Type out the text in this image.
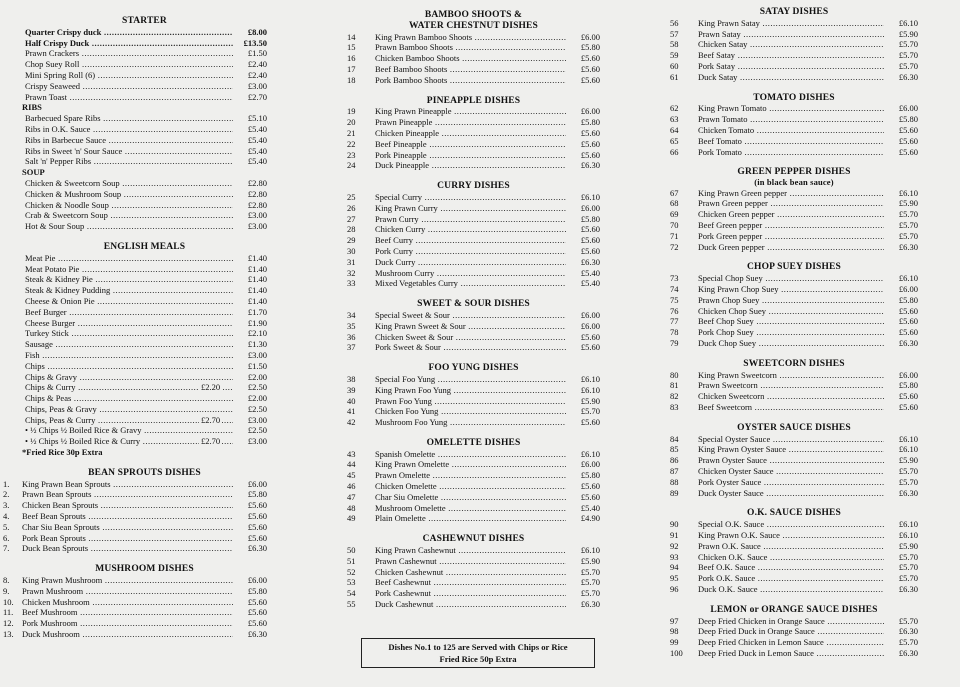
STARTER
Quarter Crispy duck .....	£8.00
Half Crispy Duck .....	£13.50
Prawn Crackers .....	£1.50
Chop Suey Roll .....	£2.40
Mini Spring Roll (6) .....	£2.40
Crispy Seaweed .....	£3.00
Prawn Toast .....	£2.70
RIBS
Barbecued Spare Ribs .....	£5.10
Ribs in O.K. Sauce .....	£5.40
Ribs in Barbecue Sauce .....	£5.40
Ribs in Sweet 'n' Sour Sauce .....	£5.40
Salt 'n' Pepper Ribs .....	£5.40
SOUP
Chicken & Sweetcorn Soup .....	£2.80
Chicken & Mushroom Soup .....	£2.80
Chicken & Noodle Soup .....	£2.80
Crab & Sweetcorn Soup .....	£3.00
Hot & Sour Soup .....	£3.00
ENGLISH MEALS
Meat Pie .....	£1.40
Meat Potato Pie .....	£1.40
Steak & Kidney Pie .....	£1.40
Steak & Kidney Pudding .....	£1.40
Cheese & Onion Pie .....	£1.40
Beef Burger .....	£1.70
Cheese Burger .....	£1.90
Turkey Stick .....	£2.10
Sausage .....	£1.30
Fish .....	£3.00
Chips .....	£1.50
Chips & Gravy .....	£2.00
Chips & Curry .....	£2.20	£2.50
Chips & Peas .....	£2.00
Chips, Peas & Gravy .....	£2.50
Chips, Peas & Curry .....	£2.70	£3.00
• ½ Chips ½ Boiled Rice & Gravy .....	£2.50
• ½ Chips ½ Boiled Rice & Curry .....	£2.70	£3.00
*Fried Rice 30p Extra
BEAN SPROUTS DISHES
1.	King Prawn Bean Sprouts .....	£6.00
2.	Prawn Bean Sprouts .....	£5.80
3.	Chicken Bean Sprouts .....	£5.60
4.	Beef Bean Sprouts .....	£5.60
5.	Char Siu Bean Sprouts .....	£5.60
6.	Pork Bean Sprouts .....	£5.60
7.	Duck Bean Sprouts .....	£6.30
MUSHROOM DISHES
8.	King Prawn Mushroom .....	£6.00
9.	Prawn Mushroom .....	£5.80
10. Chicken Mushroom .....	£5.60
11.	Beef Mushroom .....	£5.60
12. Pork Mushroom .....	£5.60
13. Duck Mushroom .....	£6.30
BAMBOO SHOOTS &
WATER CHESTNUT DISHES
14	King Prawn Bamboo Shoots .....	£6.00
15	Prawn Bamboo Shoots .....	£5.80
16	Chicken Bamboo Shoots .....	£5.60
17	Beef Bamboo Shoots .....	£5.60
18	Pork Bamboo Shoots .....	£5.60
PINEAPPLE DISHES
19	King Prawn Pineapple .....	£6.00
20	Prawn Pineapple .....	£5.80
21	Chicken Pineapple .....	£5.60
22	Beef Pineapple .....	£5.60
23	Pork Pineapple .....	£5.60
24	Duck Pineapple .....	£6.30
CURRY DISHES
25	Special Curry .....	£6.10
26	King Prawn Curry .....	£6.00
27	Prawn Curry .....	£5.80
28	Chicken Curry .....	£5.60
29	Beef Curry .....	£5.60
30	Pork Curry .....	£5.60
31	Duck Curry .....	£6.30
32	Mushroom Curry .....	£5.40
33	Mixed Vegetables Curry .....	£5.40
SWEET & SOUR DISHES
34	Special Sweet & Sour .....	£6.00
35	King Prawn Sweet & Sour .....	£6.00
36	Chicken Sweet & Sour .....	£5.60
37	Pork Sweet & Sour .....	£5.60
FOO YUNG DISHES
38	Special Foo Yung .....	£6.10
39	King Prawn Foo Yung .....	£6.10
40	Prawn Foo Yung .....	£5.90
41	Chicken Foo Yung .....	£5.70
42	Mushroom Foo Yung .....	£5.60
OMELETTE DISHES
43	Spanish Omelette .....	£6.10
44	King Prawn Omelette .....	£6.00
45	Prawn Omelette .....	£5.80
46	Chicken Omelette .....	£5.60
47	Char Siu Omelette .....	£5.60
48	Mushroom Omelette .....	£5.40
49	Plain Omelette .....	£4.90
CASHEWNUT DISHES
50	King Prawn Cashewnut .....	£6.10
51	Prawn Cashewnut .....	£5.90
52	Chicken Cashewnut .....	£5.70
53	Beef Cashewnut .....	£5.70
54	Pork Cashewnut .....	£5.70
55	Duck Cashewnut .....	£6.30
SATAY DISHES
56	King Prawn Satay .....	£6.10
57	Prawn Satay .....	£5.90
58	Chicken Satay .....	£5.70
59	Beef Satay .....	£5.70
60	Pork Satay .....	£5.70
61	Duck Satay .....	£6.30
TOMATO DISHES
62	King Prawn Tomato .....	£6.00
63	Prawn Tomato .....	£5.80
64	Chicken Tomato .....	£5.60
65	Beef Tomato .....	£5.60
66	Pork Tomato .....	£5.60
GREEN PEPPER DISHES
(in black bean sauce)
67	King Prawn Green pepper .....	£6.10
68	Prawn Green pepper .....	£5.90
69	Chicken Green pepper .....	£5.70
70	Beef Green pepper .....	£5.70
71	Pork Green pepper .....	£5.70
72	Duck Green pepper .....	£6.30
CHOP SUEY DISHES
73	Special Chop Suey .....	£6.10
74	King Prawn Chop Suey .....	£6.00
75	Prawn Chop Suey .....	£5.80
76	Chicken Chop Suey .....	£5.60
77	Beef Chop Suey .....	£5.60
78	Pork Chop Suey .....	£5.60
79	Duck Chop Suey .....	£6.30
SWEETCORN DISHES
80	King Prawn Sweetcorn .....	£6.00
81	Prawn Sweetcorn .....	£5.80
82	Chicken Sweetcorn .....	£5.60
83	Beef Sweetcorn .....	£5.60
OYSTER SAUCE DISHES
84	Special Oyster Sauce .....	£6.10
85	King Prawn Oyster Sauce .....	£6.10
86	Prawn Oyster Sauce .....	£5.90
87	Chicken Oyster Sauce .....	£5.70
88	Pork Oyster Sauce .....	£5.70
89	Duck Oyster Sauce .....	£6.30
O.K. SAUCE DISHES
90	Special O.K. Sauce .....	£6.10
91	King Prawn O.K. Sauce .....	£6.10
92	Prawn O.K. Sauce .....	£5.90
93	Chicken O.K. Sauce .....	£5.70
94	Beef O.K. Sauce .....	£5.70
95	Pork O.K. Sauce .....	£5.70
96	Duck O.K. Sauce .....	£6.30
LEMON or ORANGE SAUCE DISHES
97	Deep Fried Chicken in Orange Sauce .....	£5.70
98	Deep Fried Duck in Orange Sauce .....	£6.30
99	Deep Fried Chicken in Lemon Sauce .....	£5.70
100	Deep Fried Duck in Lemon Sauce .....	£6.30
Dishes No.1 to 125 are Served with Chips or Rice
Fried Rice 50p Extra
